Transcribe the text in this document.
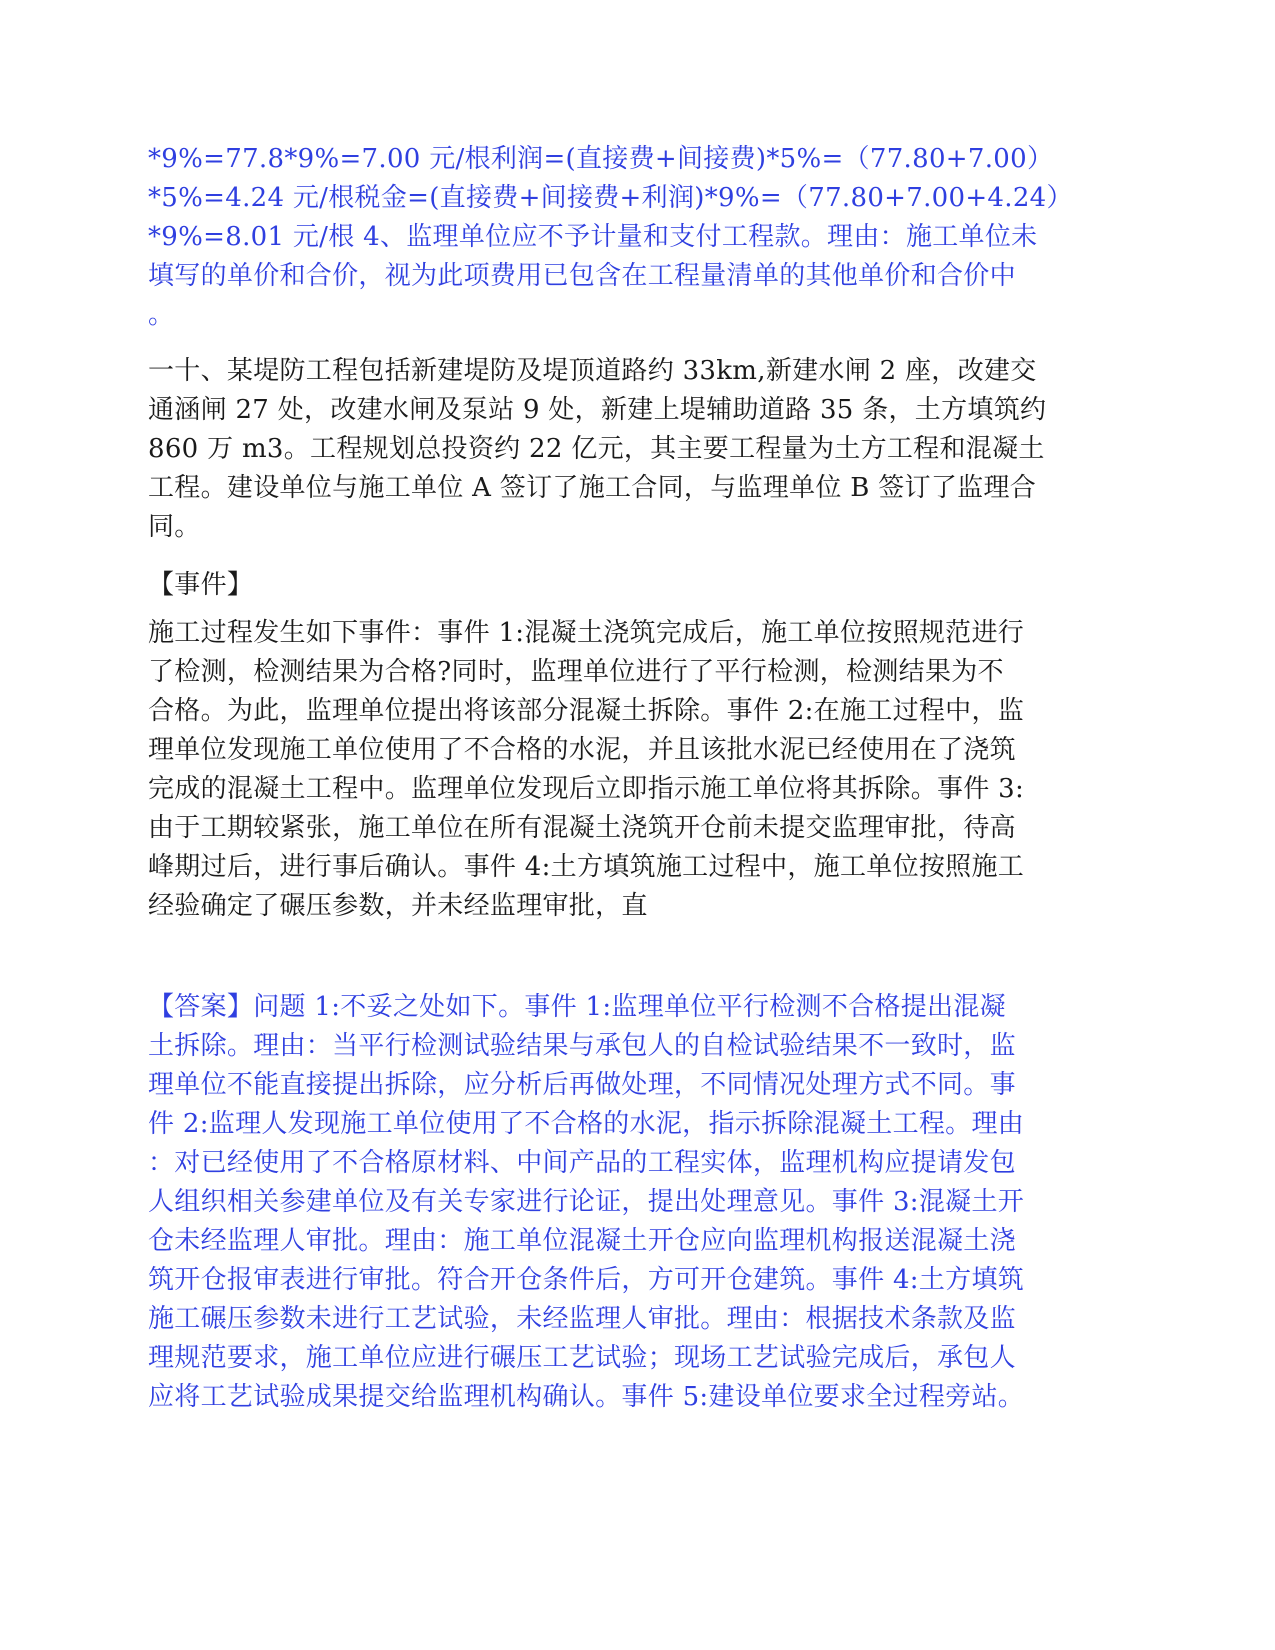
*9%=77.8*9%=7.00 元/根利润=(直接费+间接费)*5%=（77.80+7.00）
*5%=4.24 元/根税金=(直接费+间接费+利润)*9%=（77.80+7.00+4.24）
*9%=8.01 元/根 4、监理单位应不予计量和支付工程款。理由：施工单位未
填写的单价和合价，视为此项费用已包含在工程量清单的其他单价和合价中
。
一十、某堤防工程包括新建堤防及堤顶道路约 33km,新建水闸 2 座，改建交
通涵闸 27 处，改建水闸及泵站 9 处，新建上堤辅助道路 35 条，土方填筑约
860 万 m3。工程规划总投资约 22 亿元，其主要工程量为土方工程和混凝土
工程。建设单位与施工单位 A 签订了施工合同，与监理单位 B 签订了监理合
同。
【事件】
施工过程发生如下事件：事件 1:混凝土浇筑完成后，施工单位按照规范进行
了检测，检测结果为合格?同时，监理单位进行了平行检测，检测结果为不
合格。为此，监理单位提出将该部分混凝土拆除。事件 2:在施工过程中，监
理单位发现施工单位使用了不合格的水泥，并且该批水泥已经使用在了浇筑
完成的混凝土工程中。监理单位发现后立即指示施工单位将其拆除。事件 3:
由于工期较紧张，施工单位在所有混凝土浇筑开仓前未提交监理审批，待高
峰期过后，进行事后确认。事件 4:土方填筑施工过程中，施工单位按照施工
经验确定了碾压参数，并未经监理审批，直
【答案】问题 1:不妥之处如下。事件 1:监理单位平行检测不合格提出混凝
土拆除。理由：当平行检测试验结果与承包人的自检试验结果不一致时，监
理单位不能直接提出拆除，应分析后再做处理，不同情况处理方式不同。事
件 2:监理人发现施工单位使用了不合格的水泥，指示拆除混凝土工程。理由
：对已经使用了不合格原材料、中间产品的工程实体，监理机构应提请发包
人组织相关参建单位及有关专家进行论证，提出处理意见。事件 3:混凝土开
仓未经监理人审批。理由：施工单位混凝土开仓应向监理机构报送混凝土浇
筑开仓报审表进行审批。符合开仓条件后，方可开仓建筑。事件 4:土方填筑
施工碾压参数未进行工艺试验，未经监理人审批。理由：根据技术条款及监
理规范要求，施工单位应进行碾压工艺试验；现场工艺试验完成后，承包人
应将工艺试验成果提交给监理机构确认。事件 5:建设单位要求全过程旁站。
